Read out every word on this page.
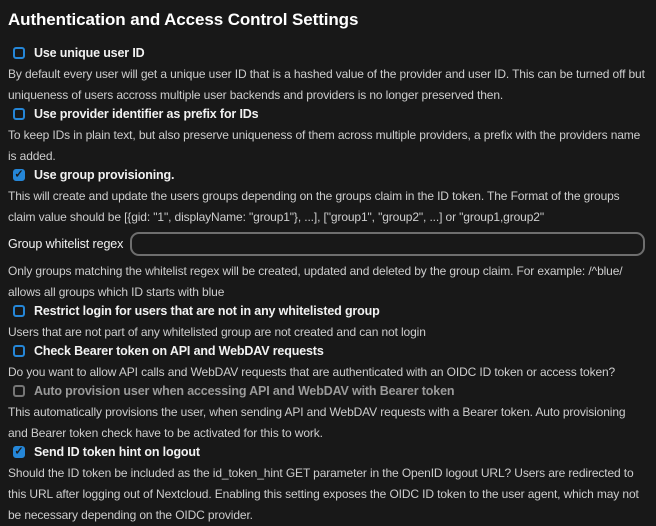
Authentication and Access Control Settings
Use unique user ID

By default every user will get a unique user ID that is a hashed value of the provider and user ID. This can be turned off but uniqueness of users accross multiple user backends and providers is no longer preserved then.

Use provider identifier as prefix for IDs

To keep IDs in plain text, but also preserve uniqueness of them across multiple providers, a prefix with the providers name is added.

✓ Use group provisioning.

This will create and update the users groups depending on the groups claim in the ID token. The Format of the groups claim value should be [{gid: "1", displayName: "group1"}, ...], ["group1", "group2", ...] or "group1,group2"

Group whitelist regex

Only groups matching the whitelist regex will be created, updated and deleted by the group claim. For example: /^blue/ allows all groups which ID starts with blue

Restrict login for users that are not in any whitelisted group

Users that are not part of any whitelisted group are not created and can not login

Check Bearer token on API and WebDAV requests

Do you want to allow API calls and WebDAV requests that are authenticated with an OIDC ID token or access token?

Auto provision user when accessing API and WebDAV with Bearer token

This automatically provisions the user, when sending API and WebDAV requests with a Bearer token. Auto provisioning and Bearer token check have to be activated for this to work.

✓ Send ID token hint on logout

Should the ID token be included as the id_token_hint GET parameter in the OpenID logout URL? Users are redirected to this URL after logging out of Nextcloud. Enabling this setting exposes the OIDC ID token to the user agent, which may not be necessary depending on the OIDC provider.
